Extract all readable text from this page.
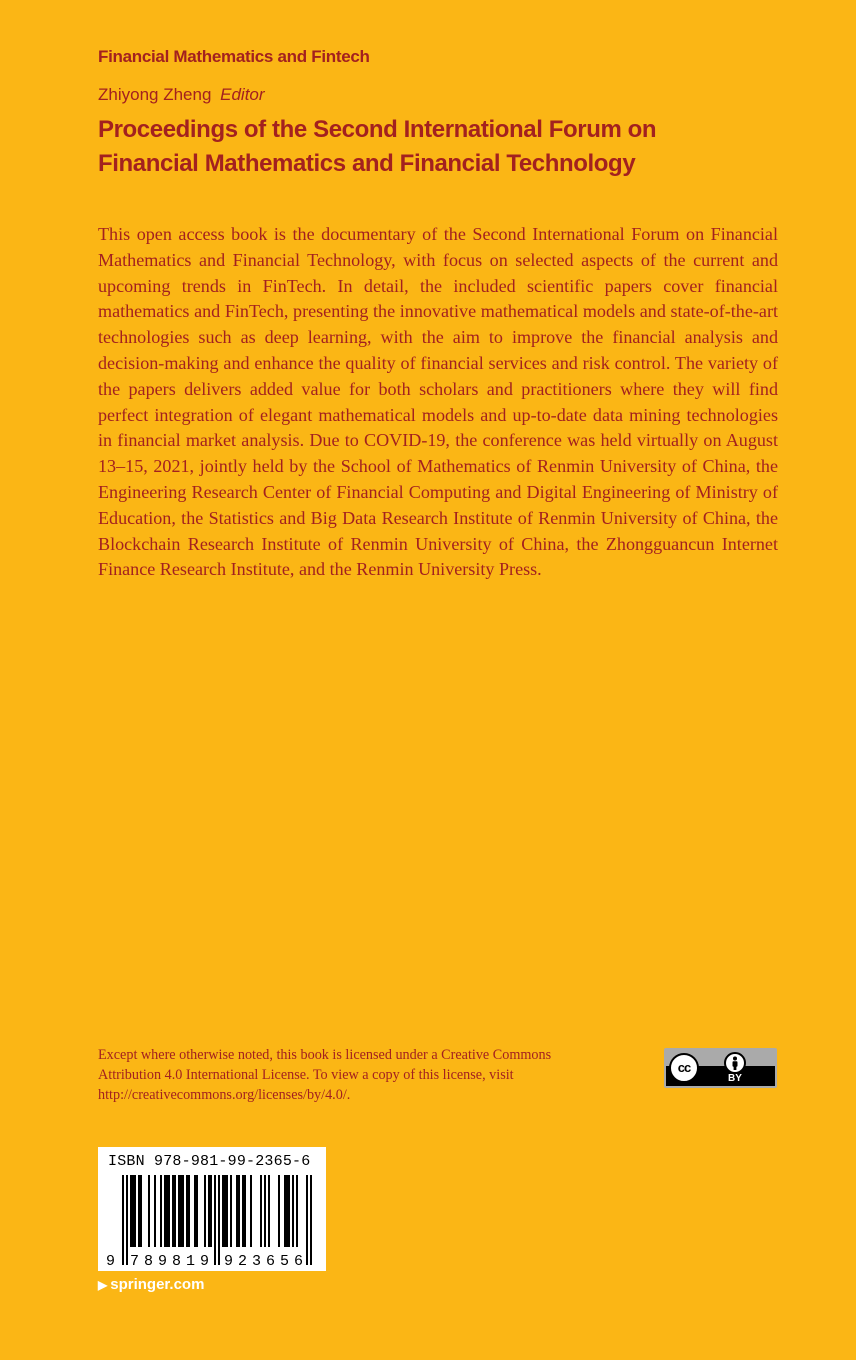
Financial Mathematics and Fintech
Zhiyong Zheng Editor
Proceedings of the Second International Forum on Financial Mathematics and Financial Technology
This open access book is the documentary of the Second International Forum on Financial Mathematics and Financial Technology, with focus on selected aspects of the current and upcoming trends in FinTech. In detail, the included scientific papers cover financial mathematics and FinTech, presenting the innovative mathematical models and state-of-the-art technologies such as deep learning, with the aim to improve the financial analysis and decision-making and enhance the quality of financial services and risk control. The variety of the papers delivers added value for both scholars and practitioners where they will find perfect integration of elegant mathematical models and up-to-date data mining technologies in financial market analysis. Due to COVID-19, the conference was held virtually on August 13–15, 2021, jointly held by the School of Mathematics of Renmin University of China, the Engineering Research Center of Financial Computing and Digital Engineering of Ministry of Education, the Statistics and Big Data Research Institute of Renmin University of China, the Blockchain Research Institute of Renmin University of China, the Zhongguancun Internet Finance Research Institute, and the Renmin University Press.
Except where otherwise noted, this book is licensed under a Creative Commons Attribution 4.0 International License. To view a copy of this license, visit http://creativecommons.org/licenses/by/4.0/.
cc
BY
9 7 8 9 8 1 9 9 2 3 6 5 6
ISBN 978-981-99-2365-6
▶ springer.com
